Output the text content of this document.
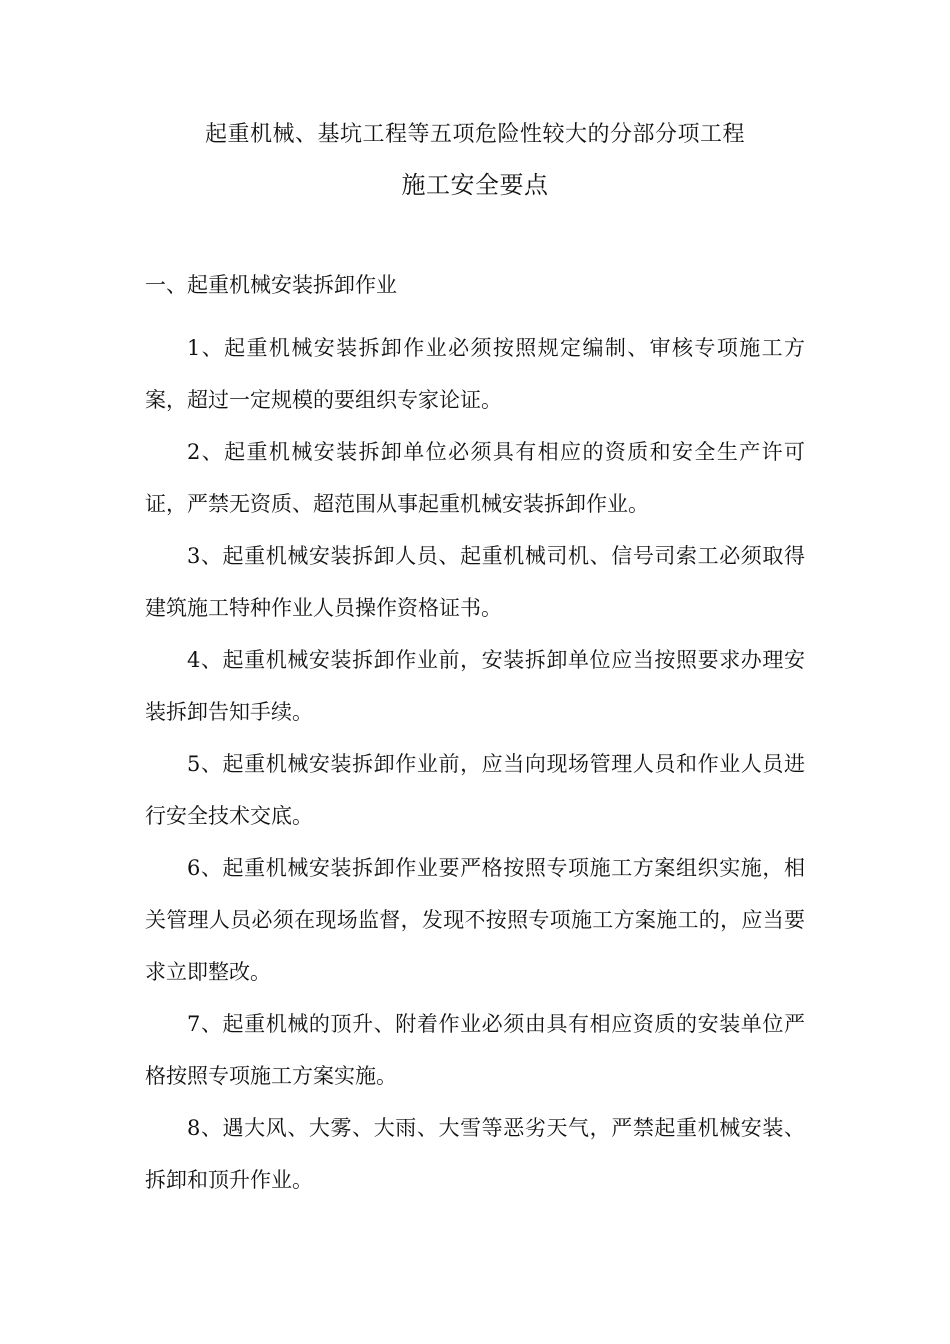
起重机械、基坑工程等五项危险性较大的分部分项工程
施工安全要点
一、起重机械安装拆卸作业

1、起重机械安装拆卸作业必须按照规定编制、审核专项施工方案，超过一定规模的要组织专家论证。

2、起重机械安装拆卸单位必须具有相应的资质和安全生产许可证，严禁无资质、超范围从事起重机械安装拆卸作业。

3、起重机械安装拆卸人员、起重机械司机、信号司索工必须取得建筑施工特种作业人员操作资格证书。

4、起重机械安装拆卸作业前，安装拆卸单位应当按照要求办理安装拆卸告知手续。

5、起重机械安装拆卸作业前，应当向现场管理人员和作业人员进行安全技术交底。

6、起重机械安装拆卸作业要严格按照专项施工方案组织实施，相关管理人员必须在现场监督，发现不按照专项施工方案施工的，应当要求立即整改。

7、起重机械的顶升、附着作业必须由具有相应资质的安装单位严格按照专项施工方案实施。

8、遇大风、大雾、大雨、大雪等恶劣天气，严禁起重机械安装、拆卸和顶升作业。
